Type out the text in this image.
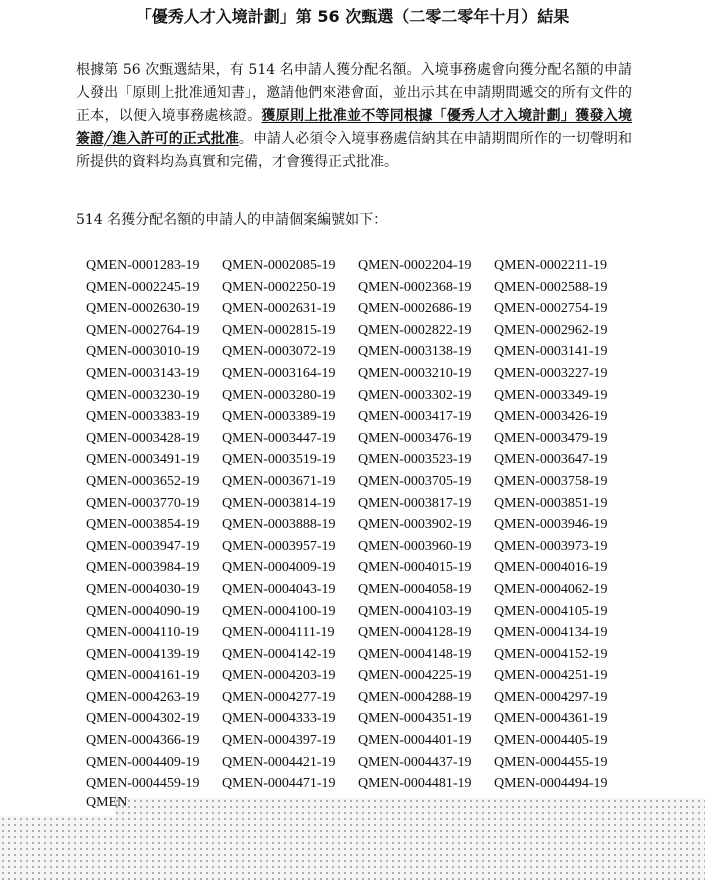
「優秀人才入境計劃」第 56 次甄選（二零二零年十月）結果
根據第 56 次甄選結果，有 514 名申請人獲分配名額。入境事務處會向獲分配名額的申請人發出「原則上批准通知書」，邀請他們來港會面，並出示其在申請期間遞交的所有文件的正本，以便入境事務處核證。獲原則上批准並不等同根據「優秀人才入境計劃」獲發入境簽證╱進入許可的正式批准。申請人必須令入境事務處信納其在申請期間所作的一切聲明和所提供的資料均為真實和完備，才會獲得正式批准。
514 名獲分配名額的申請人的申請個案編號如下：
QMEN-0001283-19	QMEN-0002085-19	QMEN-0002204-19	QMEN-0002211-19
QMEN-0002245-19	QMEN-0002250-19	QMEN-0002368-19	QMEN-0002588-19
QMEN-0002630-19	QMEN-0002631-19	QMEN-0002686-19	QMEN-0002754-19
QMEN-0002764-19	QMEN-0002815-19	QMEN-0002822-19	QMEN-0002962-19
QMEN-0003010-19	QMEN-0003072-19	QMEN-0003138-19	QMEN-0003141-19
QMEN-0003143-19	QMEN-0003164-19	QMEN-0003210-19	QMEN-0003227-19
QMEN-0003230-19	QMEN-0003280-19	QMEN-0003302-19	QMEN-0003349-19
QMEN-0003383-19	QMEN-0003389-19	QMEN-0003417-19	QMEN-0003426-19
QMEN-0003428-19	QMEN-0003447-19	QMEN-0003476-19	QMEN-0003479-19
QMEN-0003491-19	QMEN-0003519-19	QMEN-0003523-19	QMEN-0003647-19
QMEN-0003652-19	QMEN-0003671-19	QMEN-0003705-19	QMEN-0003758-19
QMEN-0003770-19	QMEN-0003814-19	QMEN-0003817-19	QMEN-0003851-19
QMEN-0003854-19	QMEN-0003888-19	QMEN-0003902-19	QMEN-0003946-19
QMEN-0003947-19	QMEN-0003957-19	QMEN-0003960-19	QMEN-0003973-19
QMEN-0003984-19	QMEN-0004009-19	QMEN-0004015-19	QMEN-0004016-19
QMEN-0004030-19	QMEN-0004043-19	QMEN-0004058-19	QMEN-0004062-19
QMEN-0004090-19	QMEN-0004100-19	QMEN-0004103-19	QMEN-0004105-19
QMEN-0004110-19	QMEN-0004111-19	QMEN-0004128-19	QMEN-0004134-19
QMEN-0004139-19	QMEN-0004142-19	QMEN-0004148-19	QMEN-0004152-19
QMEN-0004161-19	QMEN-0004203-19	QMEN-0004225-19	QMEN-0004251-19
QMEN-0004263-19	QMEN-0004277-19	QMEN-0004288-19	QMEN-0004297-19
QMEN-0004302-19	QMEN-0004333-19	QMEN-0004351-19	QMEN-0004361-19
QMEN-0004366-19	QMEN-0004397-19	QMEN-0004401-19	QMEN-0004405-19
QMEN-0004409-19	QMEN-0004421-19	QMEN-0004437-19	QMEN-0004455-19
QMEN-0004459-19	QMEN-0004471-19	QMEN-0004481-19	QMEN-0004494-19
QMEN
